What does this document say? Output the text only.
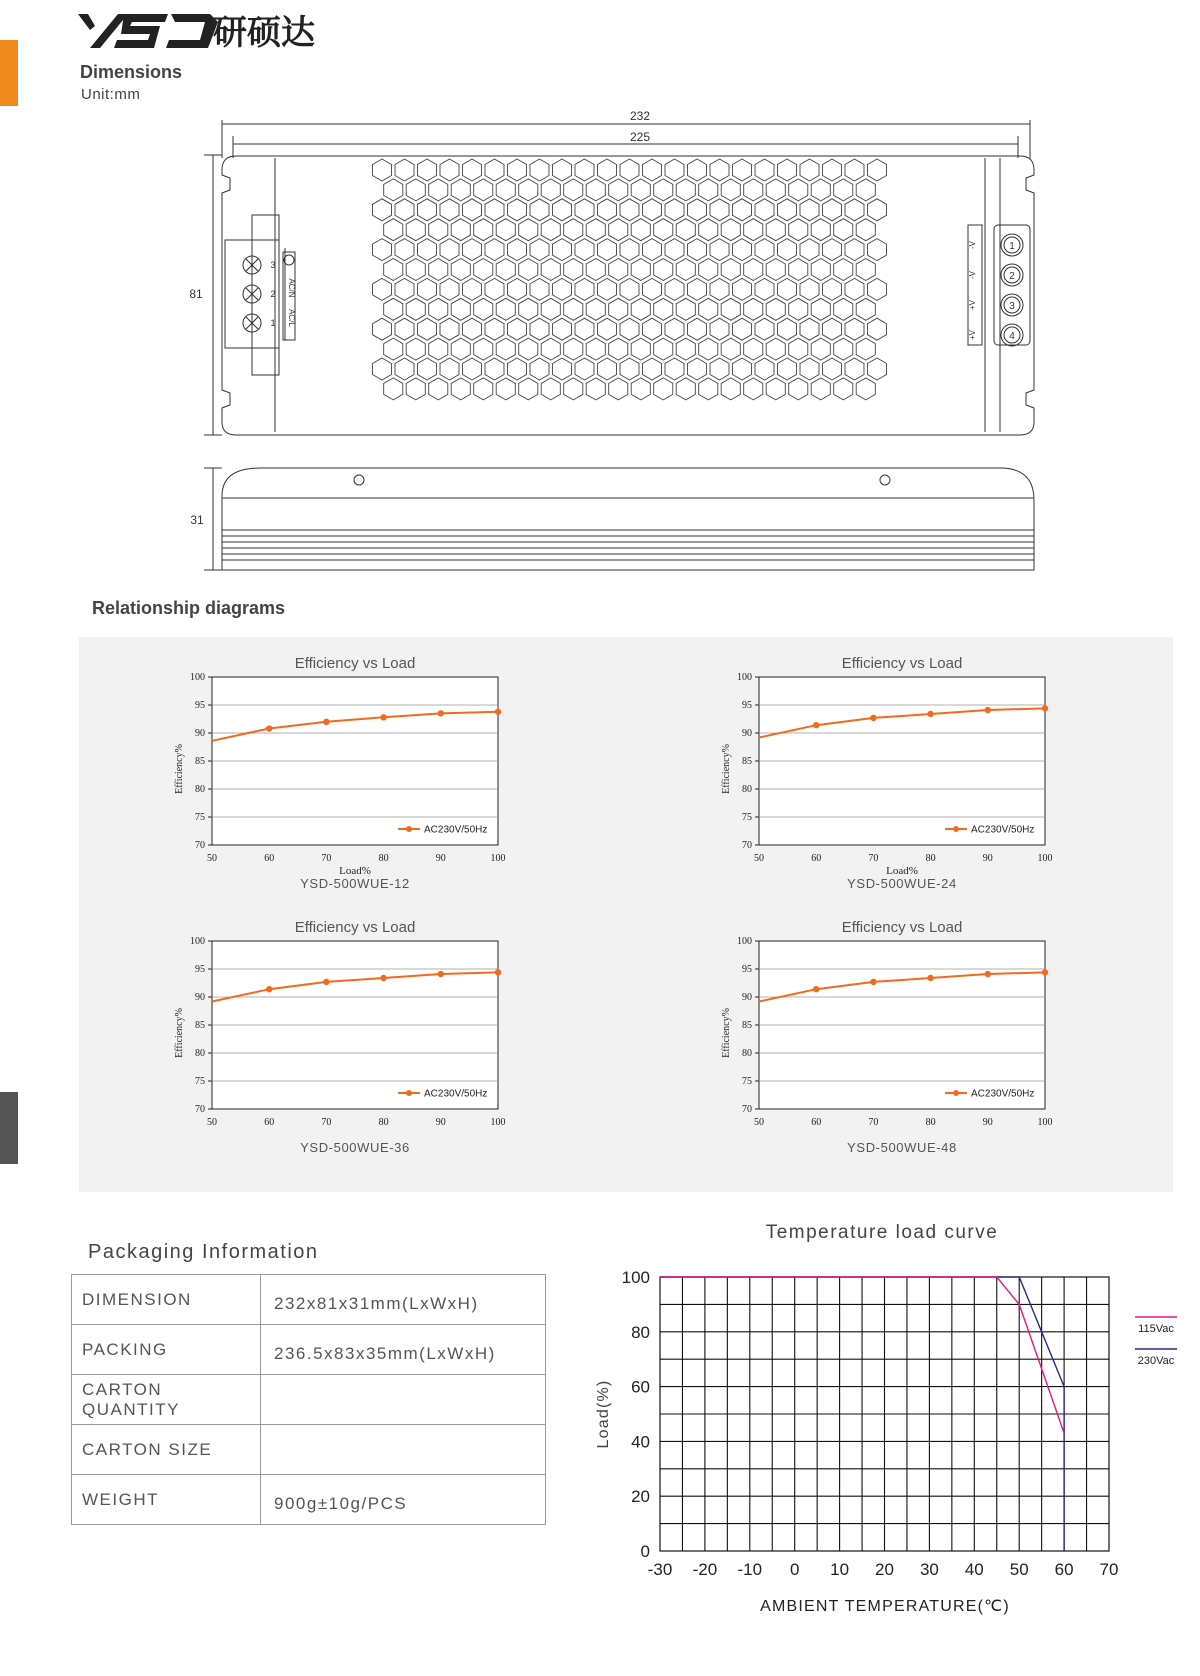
研硕达
Dimensions
Unit:mm
1
2
3
4
232
225
81
31
3
2
1
AC/N
AC/L
-V
-V
+V
+V
Relationship diagrams
Efficiency vs Load
70
75
80
85
90
95
100
50	60	70	80	90	100
Load%
Efficiency%
AC230V/50Hz
YSD-500WUE-12
Efficiency vs Load
70
75
80
85
90
95
100
50	60	70	80	90	100
Load%
Efficiency%
AC230V/50Hz
YSD-500WUE-24
Efficiency vs Load
70
75
80
85
90
95
100
50	60	70	80	90	100
Efficiency%
AC230V/50Hz
YSD-500WUE-36
Efficiency vs Load
70
75
80
85
90
95
100
50	60	70	80	90	100
Efficiency%
AC230V/50Hz
YSD-500WUE-48
Packaging Information
DIMENSION	232x81x31mm(LxWxH)
PACKING	236.5x83x35mm(LxWxH)
CARTON QUANTITY	
CARTON SIZE	
WEIGHT	900g±10g/PCS
Temperature load curve
-30 -20 -10 0 10 20 30 40 50 60 70
0
20
40
60
80
100
AMBIENT TEMPERATURE(℃)
Load(%)
115Vac
230Vac
